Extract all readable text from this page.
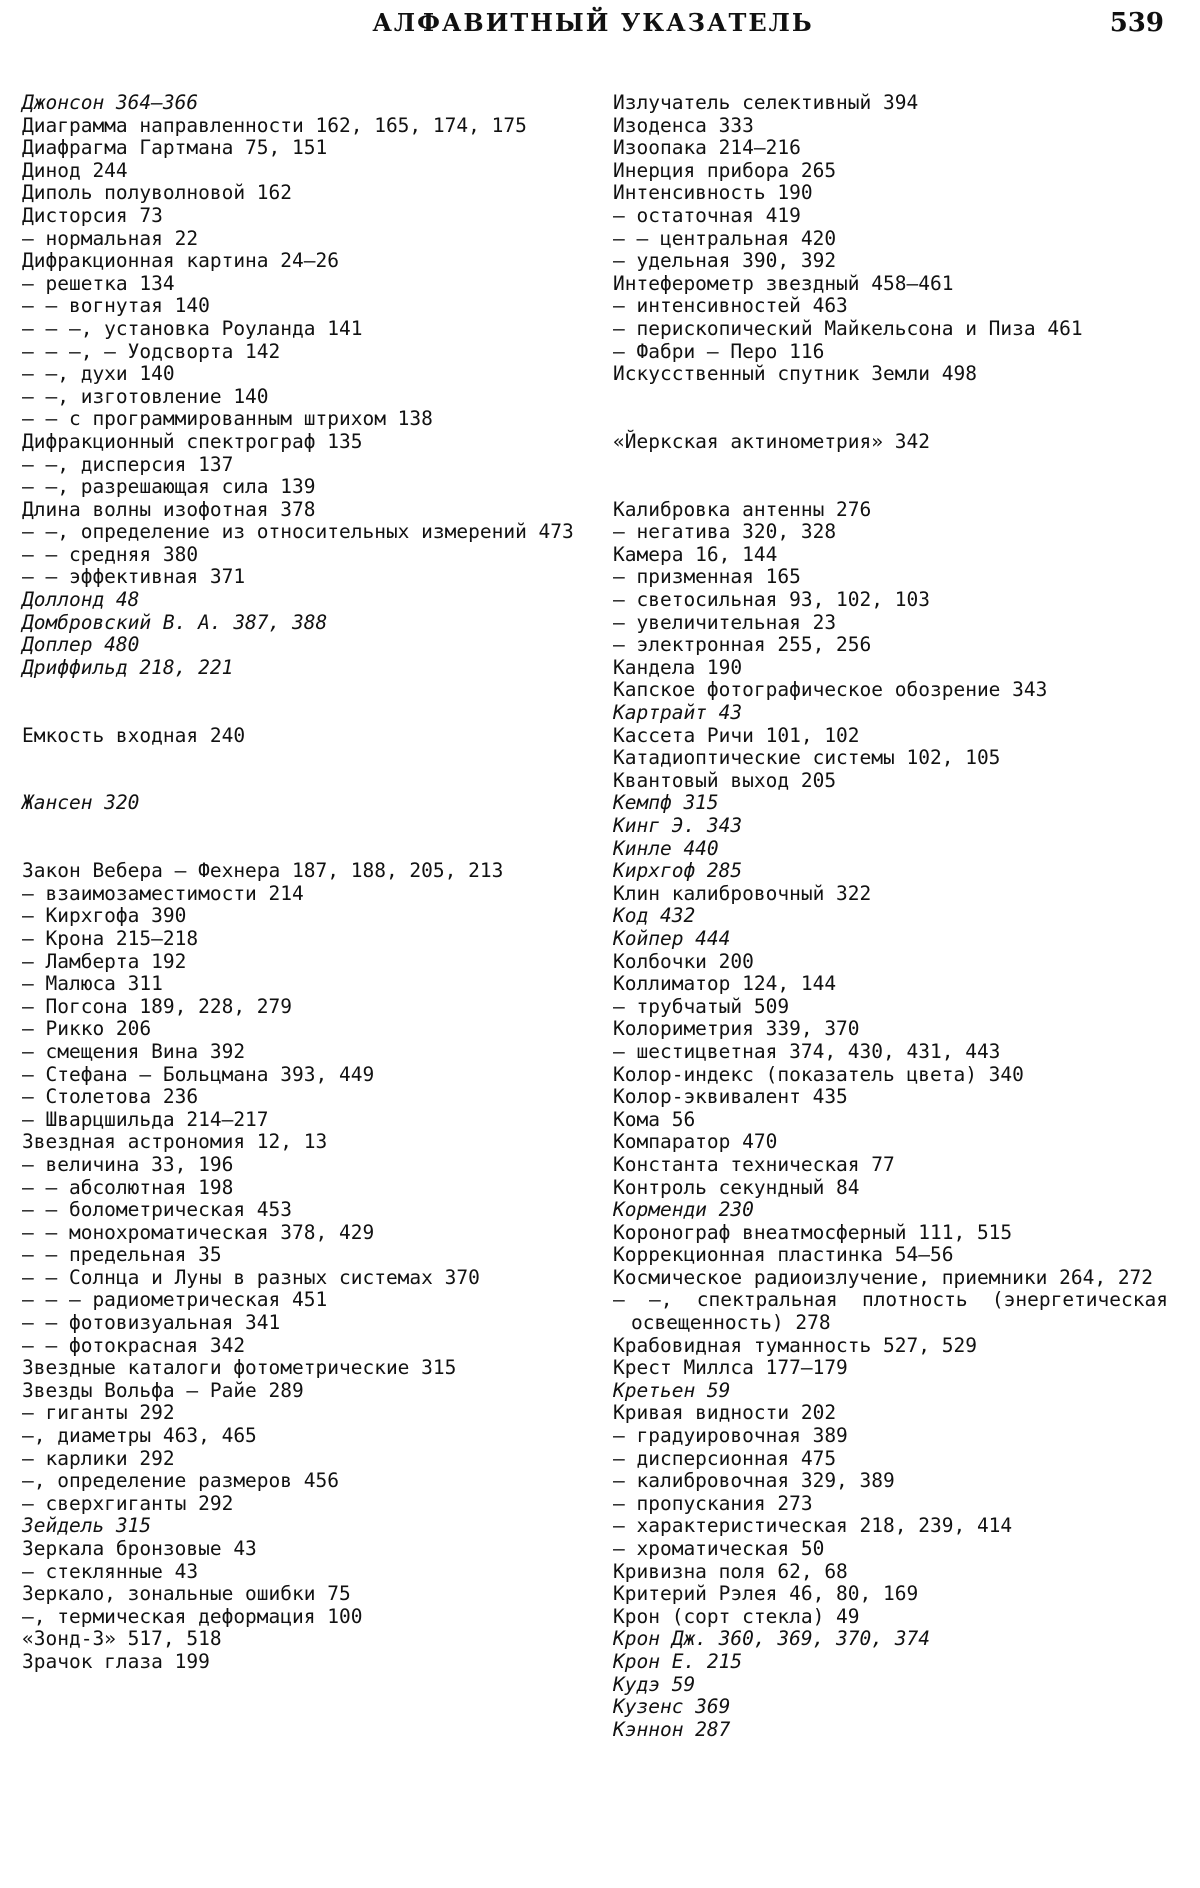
АЛФАВИТНЫЙ УКАЗАТЕЛЬ	539
Джонсон 364—366
Диаграмма направленности 162, 165, 174, 175
Диафрагма Гартмана 75, 151
Динод 244
Диполь полуволновой 162
Дисторсия 73
— нормальная 22
Дифракционная картина 24—26
— решетка 134
— — вогнутая 140
— — —, установка Роуланда 141
— — —, — Уодсворта 142
— —, духи 140
— —, изготовление 140
— — с программированным штрихом 138
Дифракционный спектрограф 135
— —, дисперсия 137
— —, разрешающая сила 139
Длина волны изофотная 378
— —, определение из относительных измерений 473
— — средняя 380
— — эффективная 371
Доллонд 48
Домбровский В. А. 387, 388
Доплер 480
Дриффильд 218, 221
Емкость входная 240
Жансен 320
Закон Вебера — Фехнера 187, 188, 205, 213
— взаимозаместимости 214
— Кирхгофа 390
— Крона 215—218
— Ламберта 192
— Малюса 311
— Погсона 189, 228, 279
— Рикко 206
— смещения Вина 392
— Стефана — Больцмана 393, 449
— Столетова 236
— Шварцшильда 214—217
Звездная астрономия 12, 13
— величина 33, 196
— — абсолютная 198
— — болометрическая 453
— — монохроматическая 378, 429
— — предельная 35
— — Солнца и Луны в разных системах 370
— — — радиометрическая 451
— — фотовизуальная 341
— — фотокрасная 342
Звездные каталоги фотометрические 315
Звезды Вольфа — Райе 289
— гиганты 292
—, диаметры 463, 465
— карлики 292
—, определение размеров 456
— сверхгиганты 292
Зейдель 315
Зеркала бронзовые 43
— стеклянные 43
Зеркало, зональные ошибки 75
—, термическая деформация 100
«Зонд-3» 517, 518
Зрачок глаза 199
Излучатель селективный 394
Изоденса 333
Изоопака 214—216
Инерция прибора 265
Интенсивность 190
— остаточная 419
— — центральная 420
— удельная 390, 392
Интеферометр звездный 458—461
— интенсивностей 463
— перископический Майкельсона и Пиза 461
— Фабри — Перо 116
Искусственный спутник Земли 498
«Йеркская актинометрия» 342
Калибровка антенны 276
— негатива 320, 328
Камера 16, 144
— призменная 165
— светосильная 93, 102, 103
— увеличительная 23
— электронная 255, 256
Кандела 190
Капское фотографическое обозрение 343
Картрайт 43
Кассета Ричи 101, 102
Катадиоптические системы 102, 105
Квантовый выход 205
Кемпф 315
Кинг Э. 343
Кинле 440
Кирхгоф 285
Клин калибровочный 322
Код 432
Койпер 444
Колбочки 200
Коллиматор 124, 144
— трубчатый 509
Колориметрия 339, 370
— шестицветная 374, 430, 431, 443
Колор-индекс (показатель цвета) 340
Колор-эквивалент 435
Кома 56
Компаратор 470
Константа техническая 77
Контроль секундный 84
Корменди 230
Коронограф внеатмосферный 111, 515
Коррекционная пластинка 54—56
Космическое радиоизлучение, приемники 264, 272
— —, спектральная плотность (энергетическая освещенность) 278
Крабовидная туманность 527, 529
Крест Миллса 177—179
Кретьен 59
Кривая видности 202
— градуировочная 389
— дисперсионная 475
— калибровочная 329, 389
— пропускания 273
— характеристическая 218, 239, 414
— хроматическая 50
Кривизна поля 62, 68
Критерий Рэлея 46, 80, 169
Крон (сорт стекла) 49
Крон Дж. 360, 369, 370, 374
Крон Е. 215
Кудэ 59
Кузенс 369
Кэннон 287
